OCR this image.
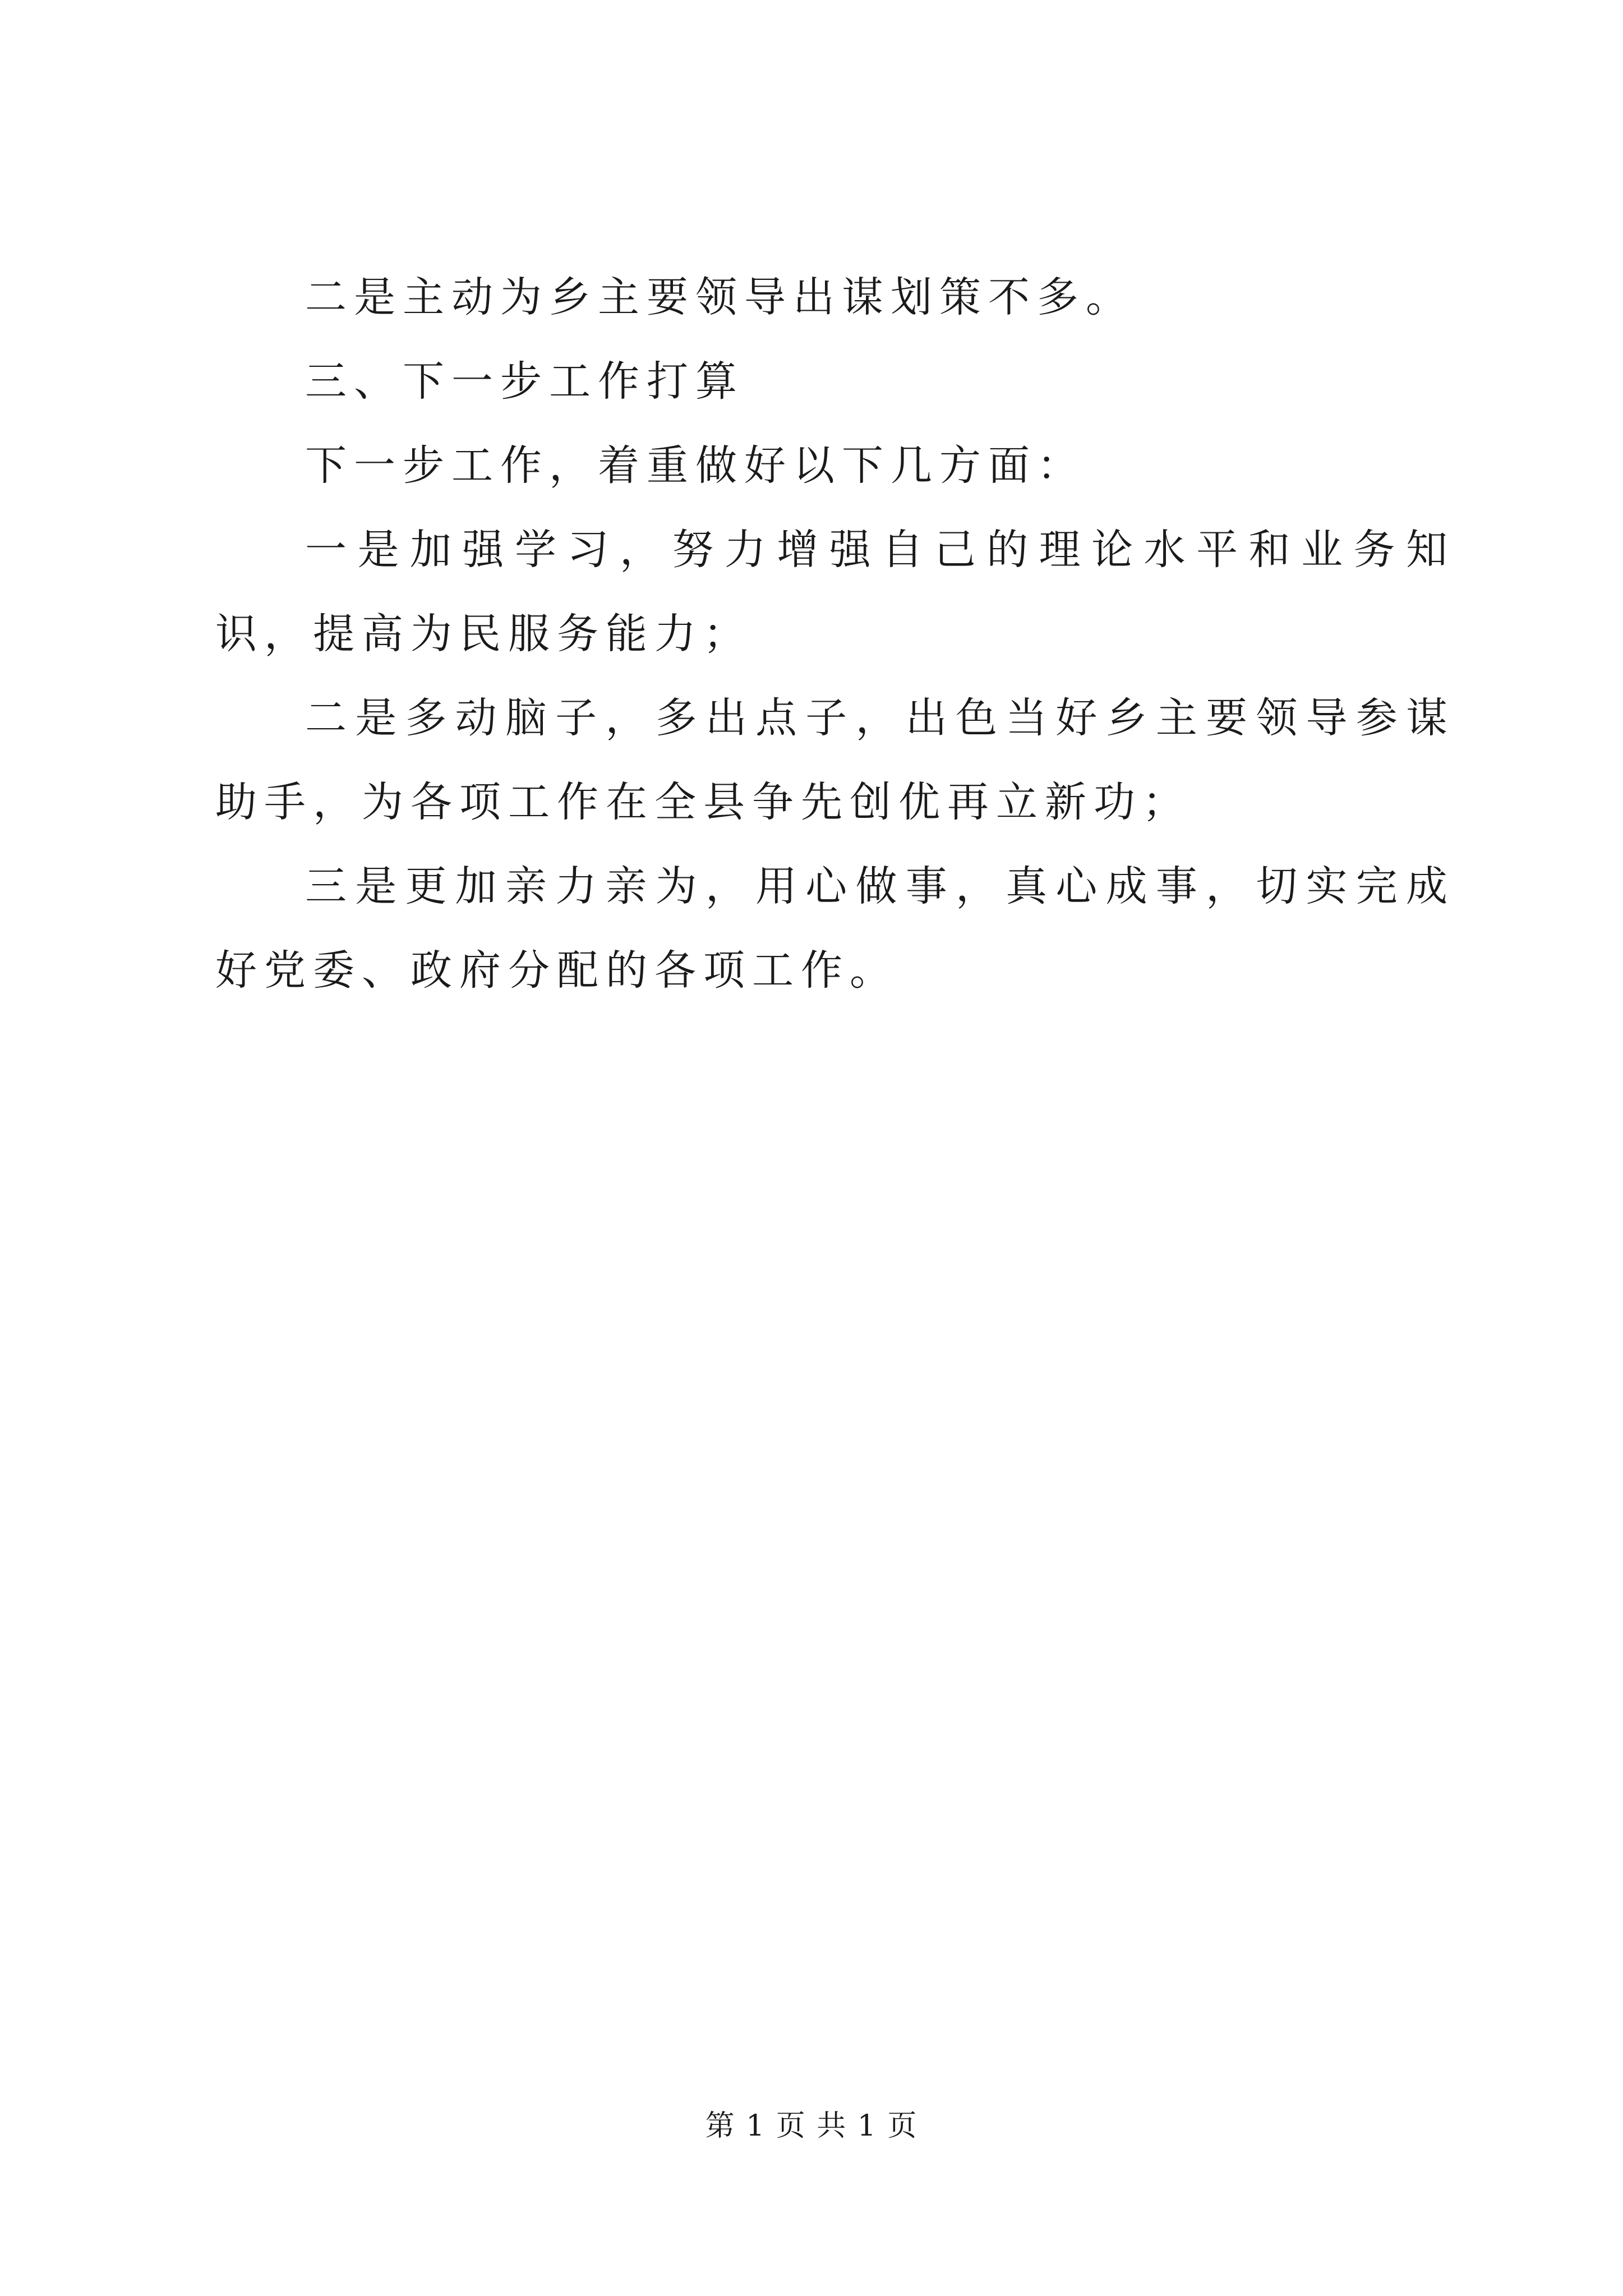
二是主动为乡主要领导出谋划策不多。

三、下一步工作打算

下一步工作，着重做好以下几方面：

一是加强学习，努力增强自己的理论水平和业务知识，提高为民服务能力；

二是多动脑子，多出点子，出色当好乡主要领导参谋助手，为各项工作在全县争先创优再立新功；

三是更加亲力亲为，用心做事，真心成事，切实完成好党委、政府分配的各项工作。

第 1 页 共 1 页
